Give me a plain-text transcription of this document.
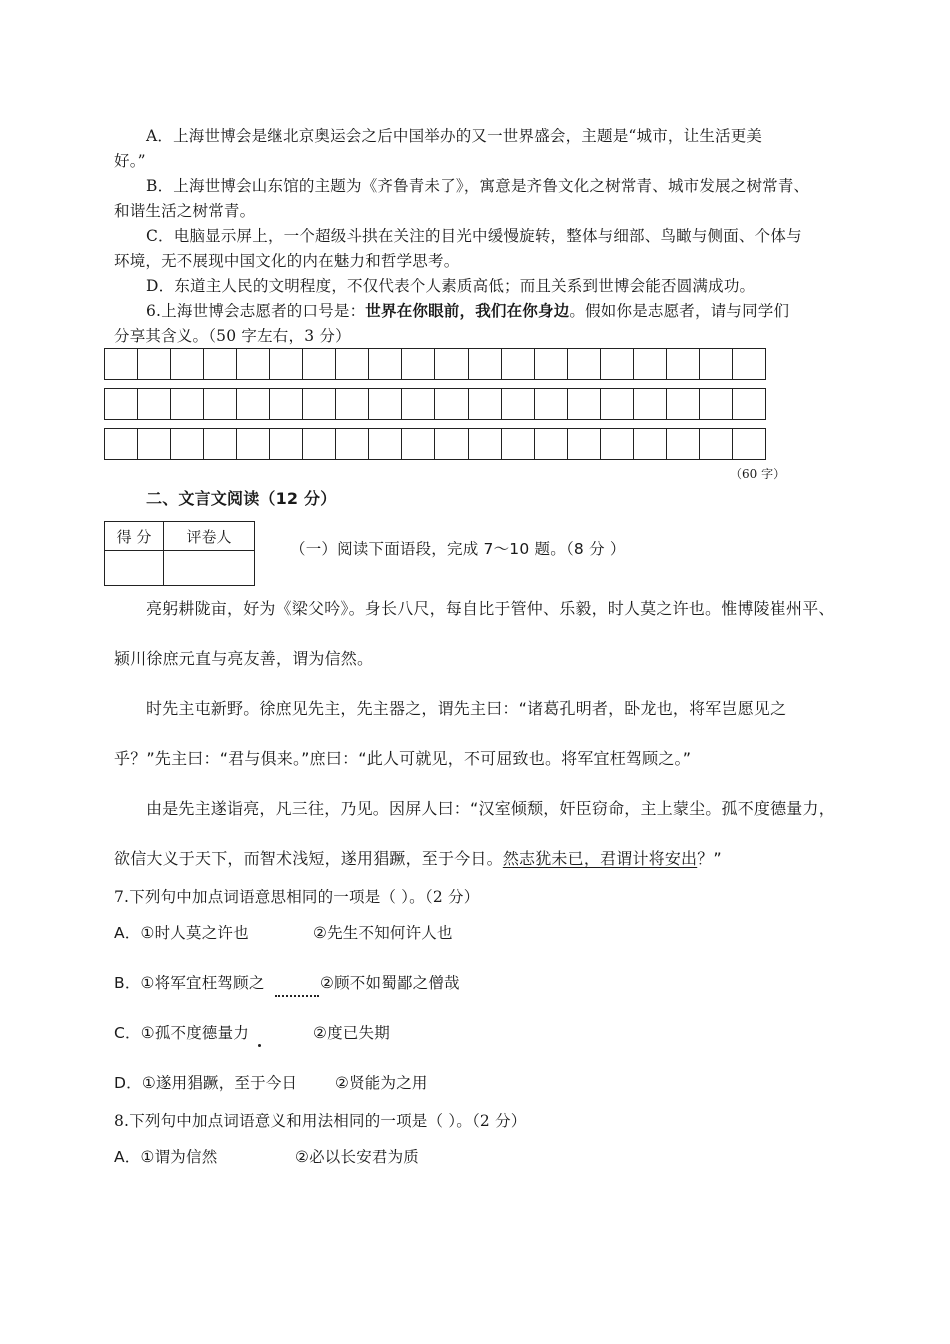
A．上海世博会是继北京奥运会之后中国举办的又一世界盛会，主题是“城市，让生活更美
好。”
B．上海世博会山东馆的主题为《齐鲁青未了》，寓意是齐鲁文化之树常青、城市发展之树常青、
和谐生活之树常青。
C．电脑显示屏上，一个超级斗拱在关注的目光中缓慢旋转，整体与细部、鸟瞰与侧面、个体与
环境，无不展现中国文化的内在魅力和哲学思考。
D．东道主人民的文明程度，不仅代表个人素质高低；而且关系到世博会能否圆满成功。
6.上海世博会志愿者的口号是：世界在你眼前，我们在你身边。假如你是志愿者，请与同学们
分享其含义。（50 字左右，3 分）
（60 字）
二、文言文阅读（12 分）
得 分	评卷人

（一）阅读下面语段，完成 7～10 题。（8 分 ）
亮躬耕陇亩，好为《梁父吟》。身长八尺，每自比于管仲、乐毅，时人莫之许也。惟博陵崔州平、
颍川徐庶元直与亮友善，谓为信然。
时先主屯新野。徐庶见先主，先主器之，谓先主曰：“诸葛孔明者，卧龙也，将军岂愿见之
乎？”先主曰：“君与俱来。”庶曰：“此人可就见，不可屈致也。将军宜枉驾顾之。”
由是先主遂诣亮，凡三往，乃见。因屏人曰：“汉室倾颓，奸臣窃命，主上蒙尘。孤不度德量力，
欲信大义于天下，而智术浅短，遂用猖蹶，至于今日。然志犹未已，君谓计将安出？”
7.下列句中加点词语意思相同的一项是（ ）。（2 分）
A．①时人莫之许也	②先生不知何许人也
B．①将军宜枉驾顾之	②顾不如蜀鄙之僧哉
C．①孤不度德量力	②度已失期
D．①遂用猖蹶，至于今日 ②贤能为之用
8.下列句中加点词语意义和用法相同的一项是（ ）。（2 分）
A．①谓为信然	②必以长安君为质
